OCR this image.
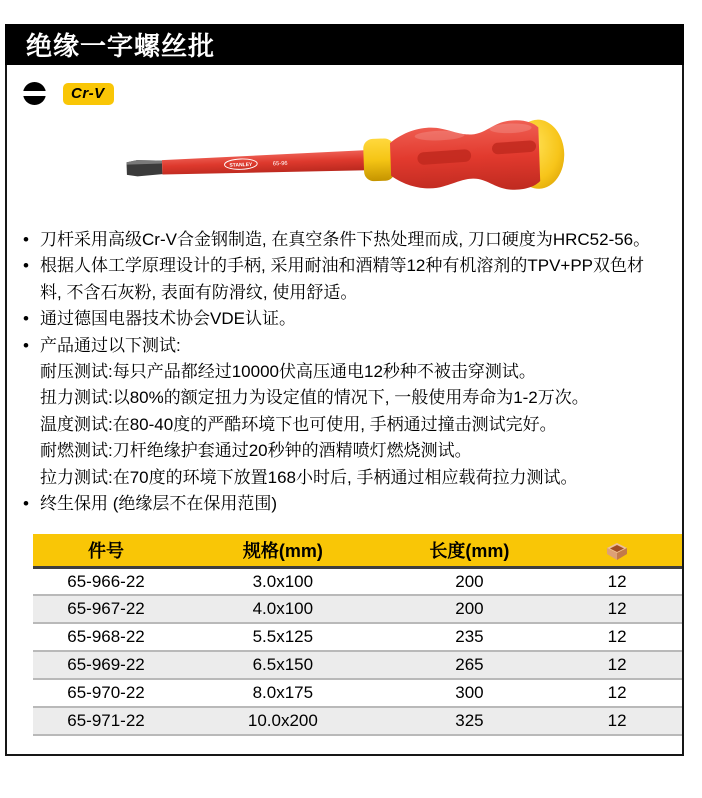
绝缘一字螺丝批
Cr-V
STANLEY	65-96
• 刀杆采用高级Cr-V合金钢制造, 在真空条件下热处理而成, 刀口硬度为HRC52-56。
• 根据人体工学原理设计的手柄, 采用耐油和酒精等12种有机溶剂的TPV+PP双色材料, 不含石灰粉, 表面有防滑纹, 使用舒适。
• 通过德国电器技术协会VDE认证。
• 产品通过以下测试:
耐压测试:每只产品都经过10000伏高压通电12秒种不被击穿测试。
扭力测试:以80%的额定扭力为设定值的情况下, 一般使用寿命为1-2万次。
温度测试:在80-40度的严酷环境下也可使用, 手柄通过撞击测试完好。
耐燃测试:刀杆绝缘护套通过20秒钟的酒精喷灯燃烧测试。
拉力测试:在70度的环境下放置168小时后, 手柄通过相应载荷拉力测试。
• 终生保用 (绝缘层不在保用范围)
件号	规格(mm)	长度(mm)	
65-966-22	3.0x100	200	12
65-967-22	4.0x100	200	12
65-968-22	5.5x125	235	12
65-969-22	6.5x150	265	12
65-970-22	8.0x175	300	12
65-971-22	10.0x200	325	12
